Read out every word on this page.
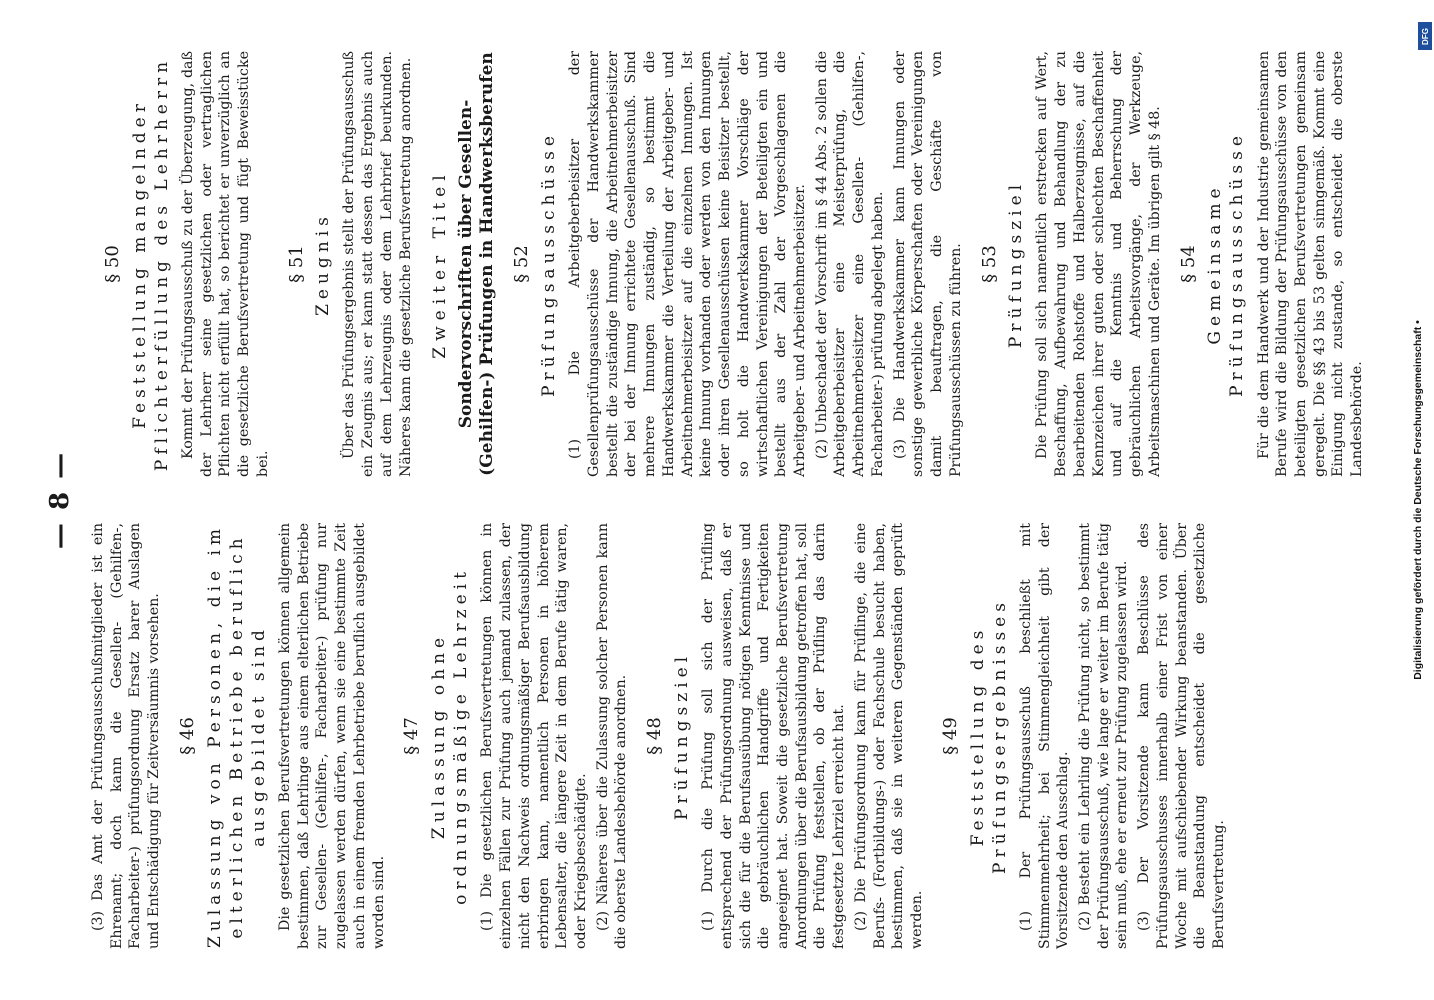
— 8 —
(3) Das Amt der Prüfungsausschußmitglieder ist ein Ehrenamt; doch kann die Gesellen- (Gehilfen-, Facharbeiter-) prüfungsordnung Ersatz barer Auslagen und Entschädigung für Zeitversäumnis vorsehen. § 46 Zulassung von Personen, die im elterlichen Betriebe beruflich ausgebildet sind Die gesetzlichen Berufsvertretungen können allgemein bestimmen, daß Lehrlinge aus einem elterlichen Betriebe zur Gesellen- (Gehilfen-, Facharbeiter-) prüfung nur zugelassen werden dürfen, wenn sie eine bestimmte Zeit auch in einem fremden Lehrbetriebe beruflich ausgebildet worden sind.
§ 47 Zulassung ohne ordnungsmäßige Lehrzeit (1) Die gesetzlichen Berufsvertretungen können in einzelnen Fällen zur Prüfung auch jemand zulassen, der nicht den Nachweis ordnungsmäßiger Berufsausbildung erbringen kann, namentlich Personen in höherem Lebensalter, die längere Zeit in dem Berufe tätig waren, oder Kriegsbeschädigte. (2) Näheres über die Zulassung solcher Personen kann die oberste Landesbehörde anordnen. § 48 Prüfungsziel (1) Durch die Prüfung soll sich der Prüfling entsprechend der Prüfungsordnung ausweisen, daß er sich die für die Berufsausübung nötigen Kenntnisse und die gebräuchlichen Handgriffe und Fertigkeiten angeeignet hat. Soweit die gesetzliche Berufsvertretung Anordnungen über die Berufsausbildung getroffen hat, soll die Prüfung feststellen, ob der Prüfling das darin festgesetzte Lehrziel erreicht hat. (2) Die Prüfungsordnung kann für Prüflinge, die eine Berufs- (Fortbildungs-) oder Fachschule besucht haben, bestimmen, daß sie in weiteren Gegenständen geprüft werden.
§ 49 Feststellung des Prüfungsergebnisses (1) Der Prüfungsausschuß beschließt mit Stimmenmehrheit; bei Stimmengleichheit gibt der Vorsitzende den Ausschlag. (2) Besteht ein Lehrling die Prüfung nicht, so bestimmt der Prüfungsausschuß, wie lange er weiter im Berufe tätig sein muß, ehe er erneut zur Prüfung zugelassen wird. (3) Der Vorsitzende kann Beschlüsse des Prüfungsausschusses innerhalb einer Frist von einer Woche mit aufschiebender Wirkung beanstanden. Über die Beanstandung entscheidet die gesetzliche Berufsvertretung.
§ 50 Feststellung mangelnder Pflichterfüllung des Lehrherrn Kommt der Prüfungsausschuß zu der Überzeugung, daß der Lehrherr seine gesetzlichen oder vertraglichen Pflichten nicht erfüllt hat, so berichtet er unverzüglich an die gesetzliche Berufsvertretung und fügt Beweisstücke bei.
§ 51 Zeugnis Über das Prüfungsergebnis stellt der Prüfungsausschuß ein Zeugnis aus; er kann statt dessen das Ergebnis auch auf dem Lehrzeugnis oder dem Lehrbrief beurkunden. Näheres kann die gesetzliche Berufsvertretung anordnen. Zweiter Titel Sondervorschriften über Gesellen- (Gehilfen-) Prüfungen in Handwerksberufen § 52 Prüfungsausschüsse (1) Die Arbeitgeberbeisitzer der Gesellenprüfungsausschüsse der Handwerkskammer bestellt die zuständige Innung, die Arbeitnehmerbeisitzer der bei der Innung errichtete Gesellenausschuß. Sind mehrere Innungen zuständig, so bestimmt die Handwerkskammer die Verteilung der Arbeitgeber- und Arbeitnehmerbeisitzer auf die einzelnen Innungen. Ist keine Innung vorhanden oder werden von den Innungen oder ihren Gesellenausschüssen keine Beisitzer bestellt, so holt die Handwerkskammer Vorschläge der wirtschaftlichen Vereinigungen der Beteiligten ein und bestellt aus der Zahl der Vorgeschlagenen die Arbeitgeber- und Arbeitnehmerbeisitzer. (2) Unbeschadet der Vorschrift im § 44 Abs. 2 sollen die Arbeitgeberbeisitzer eine Meisterprüfung, die Arbeitnehmerbeisitzer eine Gesellen- (Gehilfen-, Facharbeiter-) prüfung abgelegt haben. (3) Die Handwerkskammer kann Innungen oder sonstige gewerbliche Körperschaften oder Vereinigungen damit beauftragen, die Geschäfte von Prüfungsausschüssen zu führen. § 53 Prüfungsziel Die Prüfung soll sich namentlich erstrecken auf Wert, Beschaffung, Aufbewahrung und Behandlung der zu bearbeitenden Rohstoffe und Halberzeugnisse, auf die Kennzeichen ihrer guten oder schlechten Beschaffenheit und auf die Kenntnis und Beherrschung der gebräuchlichen Arbeitsvorgänge, der Werkzeuge, Arbeitsmaschinen und Geräte. Im übrigen gilt § 48. § 54 Gemeinsame Prüfungsausschüsse Für die dem Handwerk und der Industrie gemeinsamen Berufe wird die Bildung der Prüfungsausschüsse von den beteiligten gesetzlichen Berufsvertretungen gemeinsam geregelt. Die §§ 43 bis 53 gelten sinngemäß. Kommt eine Einigung nicht zustande, so entscheidet die oberste Landesbehörde.	Digitalisierung gefördert durch die Deutsche Forschungsgemeinschaft •
DFG
